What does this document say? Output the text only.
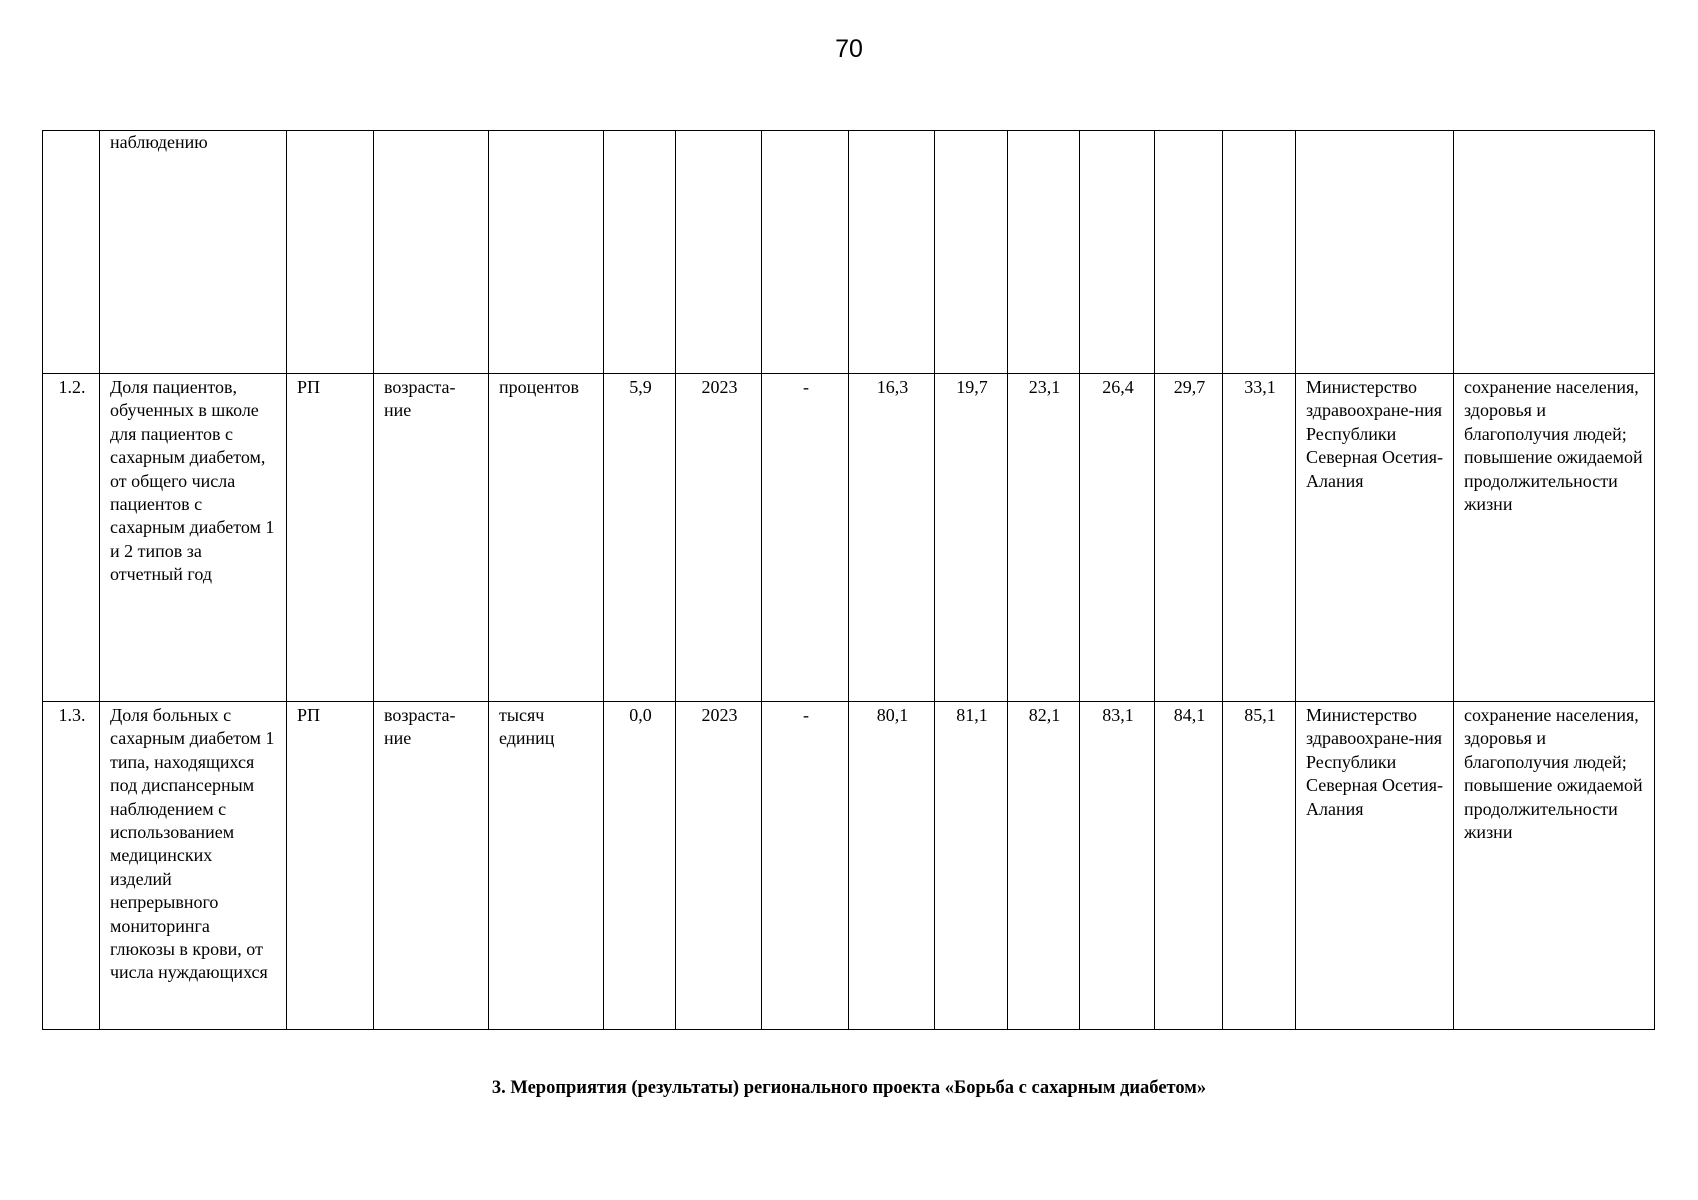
70
	наблюдению														
1.2.	Доля пациентов, обученных в школе для пациентов с сахарным диабетом, от общего числа пациентов с сахарным диабетом 1 и 2 типов за отчетный год	РП	возраста-ние	процентов	5,9	2023	-	16,3	19,7	23,1	26,4	29,7	33,1	Министерство здравоохране-ния Республики Северная Осетия-Алания	сохранение населения, здоровья и благополучия людей; повышение ожидаемой продолжительности жизни
1.3.	Доля больных с сахарным диабетом 1 типа, находящихся под диспансерным наблюдением с использованием медицинских изделий непрерывного мониторинга глюкозы в крови, от числа нуждающихся	РП	возраста-ние	тысяч единиц	0,0	2023	-	80,1	81,1	82,1	83,1	84,1	85,1	Министерство здравоохране-ния Республики Северная Осетия-Алания	сохранение населения, здоровья и благополучия людей; повышение ожидаемой продолжительности жизни
3. Мероприятия (результаты) регионального проекта «Борьба с сахарным диабетом»
